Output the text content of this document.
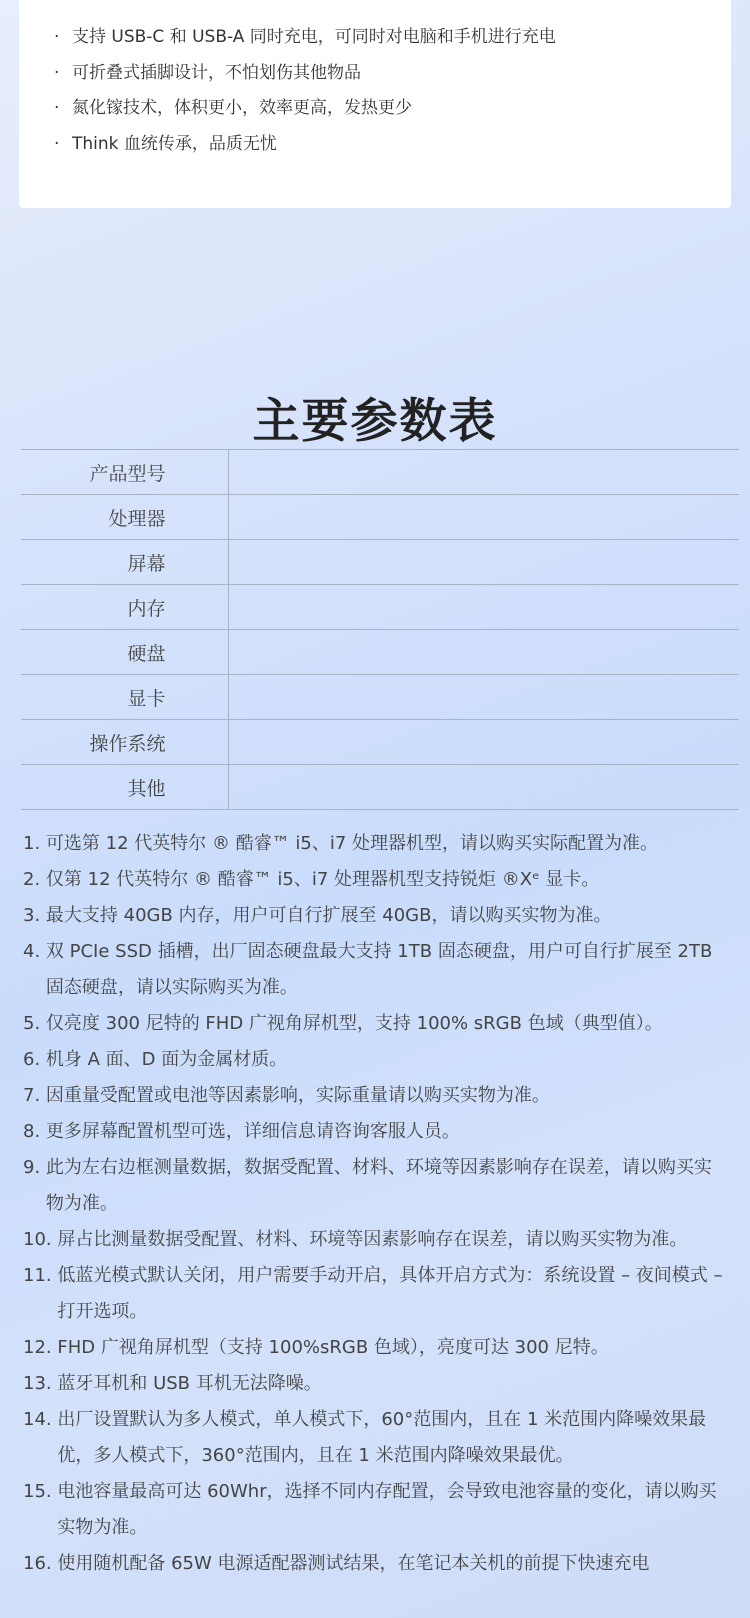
· 支持 USB-C 和 USB-A 同时充电，可同时对电脑和手机进行充电
· 可折叠式插脚设计，不怕划伤其他物品
· 氮化镓技术，体积更小，效率更高，发热更少
· Think 血统传承，品质无忧
主要参数表
产品型号	
处理器	
屏幕	
内存	
硬盘	
显卡	
操作系统	
其他	
1. 可选第 12 代英特尔 ® 酷睿™ i5、i7 处理器机型，请以购买实际配置为准。
2. 仅第 12 代英特尔 ® 酷睿™ i5、i7 处理器机型支持锐炬 ®Xᵉ 显卡。
3. 最大支持 40GB 内存，用户可自行扩展至 40GB，请以购买实物为准。
4. 双 PCIe SSD 插槽，出厂固态硬盘最大支持 1TB 固态硬盘，用户可自行扩展至 2TB 固态硬盘，请以实际购买为准。
5. 仅亮度 300 尼特的 FHD 广视角屏机型，支持 100% sRGB 色域（典型值）。
6. 机身 A 面、D 面为金属材质。
7. 因重量受配置或电池等因素影响，实际重量请以购买实物为准。
8. 更多屏幕配置机型可选，详细信息请咨询客服人员。
9. 此为左右边框测量数据，数据受配置、材料、环境等因素影响存在误差，请以购买实物为准。
10. 屏占比测量数据受配置、材料、环境等因素影响存在误差，请以购买实物为准。
11. 低蓝光模式默认关闭，用户需要手动开启，具体开启方式为：系统设置 – 夜间模式 – 打开选项。
12. FHD 广视角屏机型（支持 100%sRGB 色域），亮度可达 300 尼特。
13. 蓝牙耳机和 USB 耳机无法降噪。
14. 出厂设置默认为多人模式，单人模式下，60°范围内，且在 1 米范围内降噪效果最优，多人模式下，360°范围内，且在 1 米范围内降噪效果最优。
15. 电池容量最高可达 60Whr，选择不同内存配置，会导致电池容量的变化，请以购买实物为准。
16. 使用随机配备 65W 电源适配器测试结果，在笔记本关机的前提下快速充电
